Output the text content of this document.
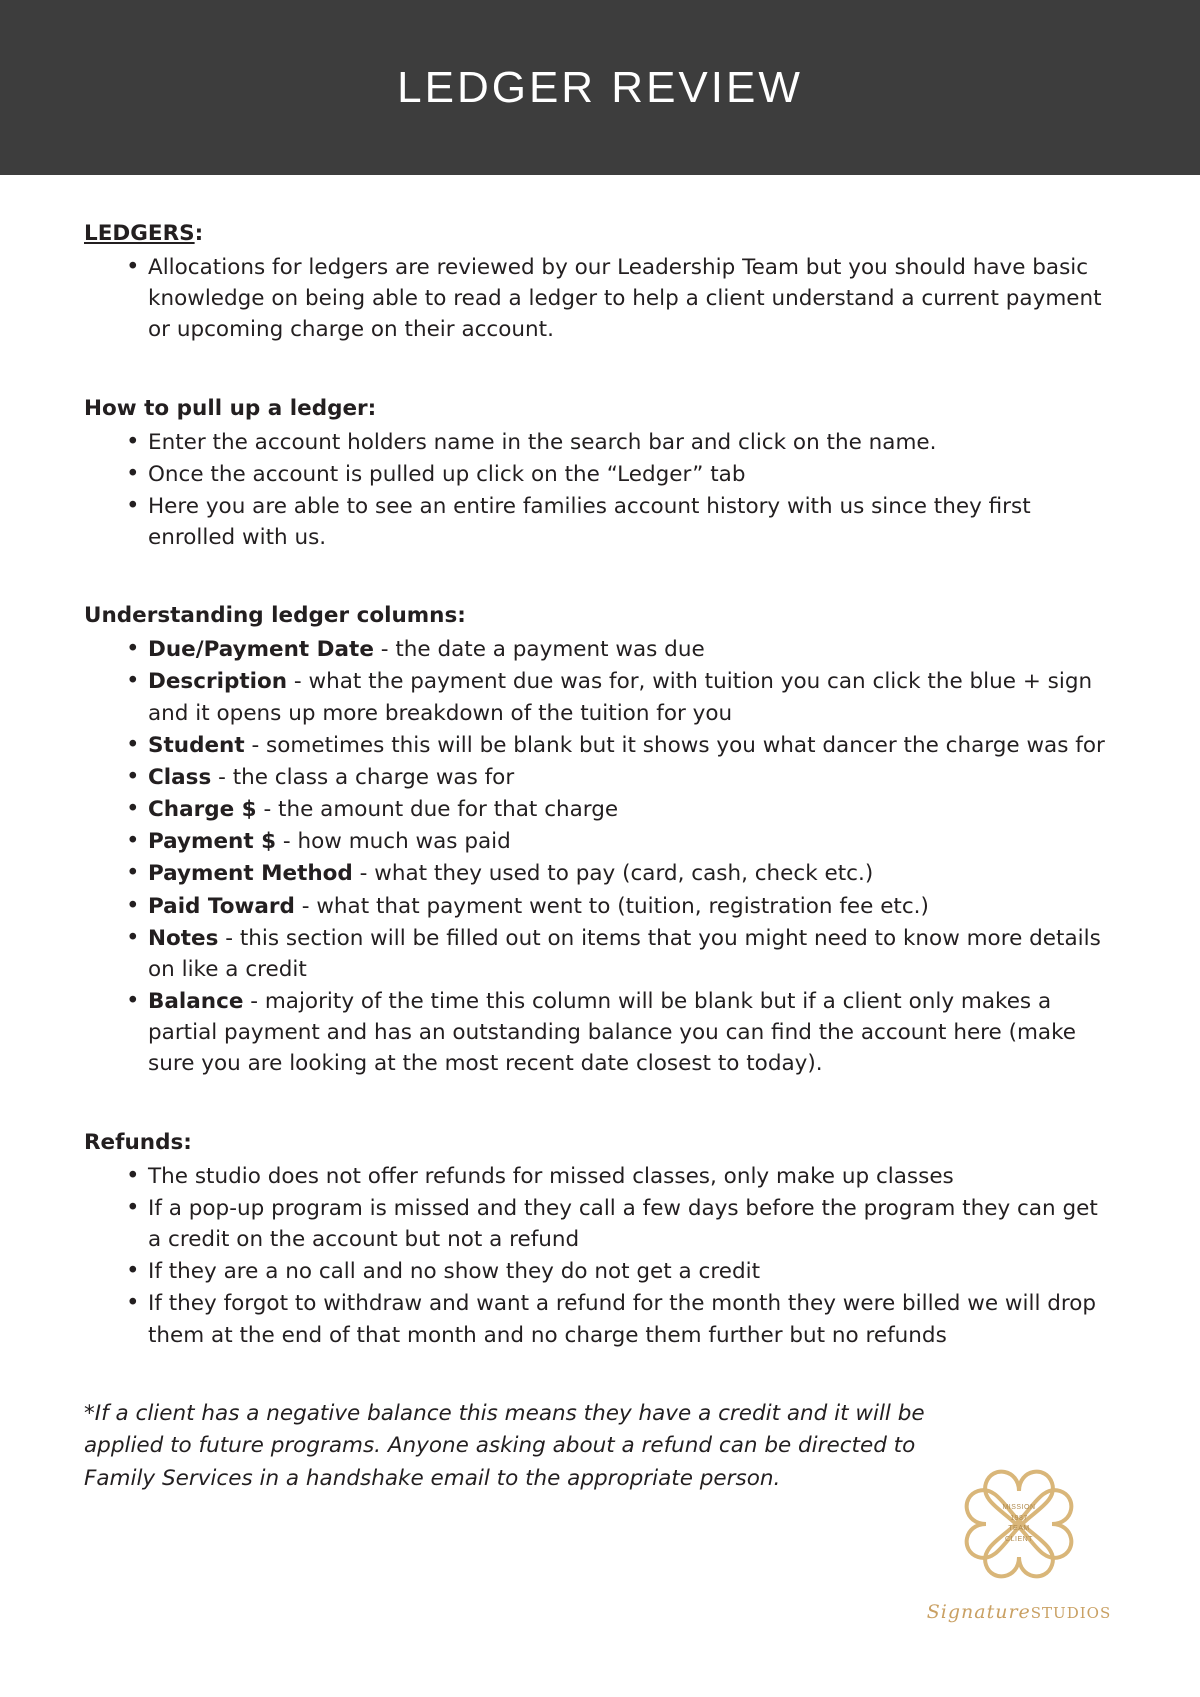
LEDGER REVIEW
LEDGERS:
• Allocations for ledgers are reviewed by our Leadership Team but you should have basic knowledge on being able to read a ledger to help a client understand a current payment or upcoming charge on their account.
How to pull up a ledger:
• Enter the account holders name in the search bar and click on the name.
• Once the account is pulled up click on the “Ledger” tab
• Here you are able to see an entire families account history with us since they first enrolled with us.
Understanding ledger columns:
• Due/Payment Date - the date a payment was due
• Description - what the payment due was for, with tuition you can click the blue + sign and it opens up more breakdown of the tuition for you
• Student - sometimes this will be blank but it shows you what dancer the charge was for
• Class - the class a charge was for
• Charge $ - the amount due for that charge
• Payment $ - how much was paid
• Payment Method - what they used to pay (card, cash, check etc.)
• Paid Toward - what that payment went to (tuition, registration fee etc.)
• Notes - this section will be filled out on items that you might need to know more details on like a credit
• Balance - majority of the time this column will be blank but if a client only makes a partial payment and has an outstanding balance you can find the account here (make sure you are looking at the most recent date closest to today).
Refunds:
• The studio does not offer refunds for missed classes, only make up classes
• If a pop-up program is missed and they call a few days before the program they can get a credit on the account but not a refund
• If they are a no call and no show they do not get a credit
• If they forgot to withdraw and want a refund for the month they were billed we will drop them at the end of that month and no charge them further but no refunds
*If a client has a negative balance this means they have a credit and it will be applied to future programs. Anyone asking about a refund can be directed to Family Services in a handshake email to the appropriate person.
MISSION
1987
TEAM
CLIENT
SignatureSTUDIOS
